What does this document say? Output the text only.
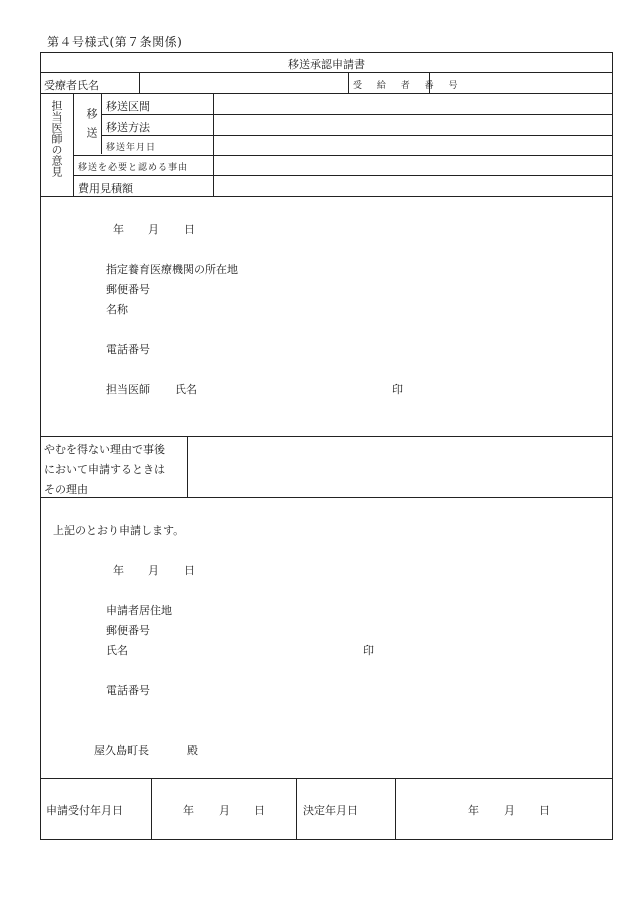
第４号様式(第７条関係)
移送承認申請書
受療者氏名	受 給 者 番 号
担当医師の意見 移送
移送区間
移送方法
移送年月日
移送を必要と認める事由
費用見積額
年 月 日
指定養育医療機関の所在地
郵便番号
名称
電話番号
担当医師 氏名	印
やむを得ない理由で事後
において申請するときは
その理由
上記のとおり申請します。
年 月 日
申請者居住地
郵便番号
氏名	印
電話番号
屋久島町長	殿
申請受付年月日	年 月 日	決定年月日	年 月 日
